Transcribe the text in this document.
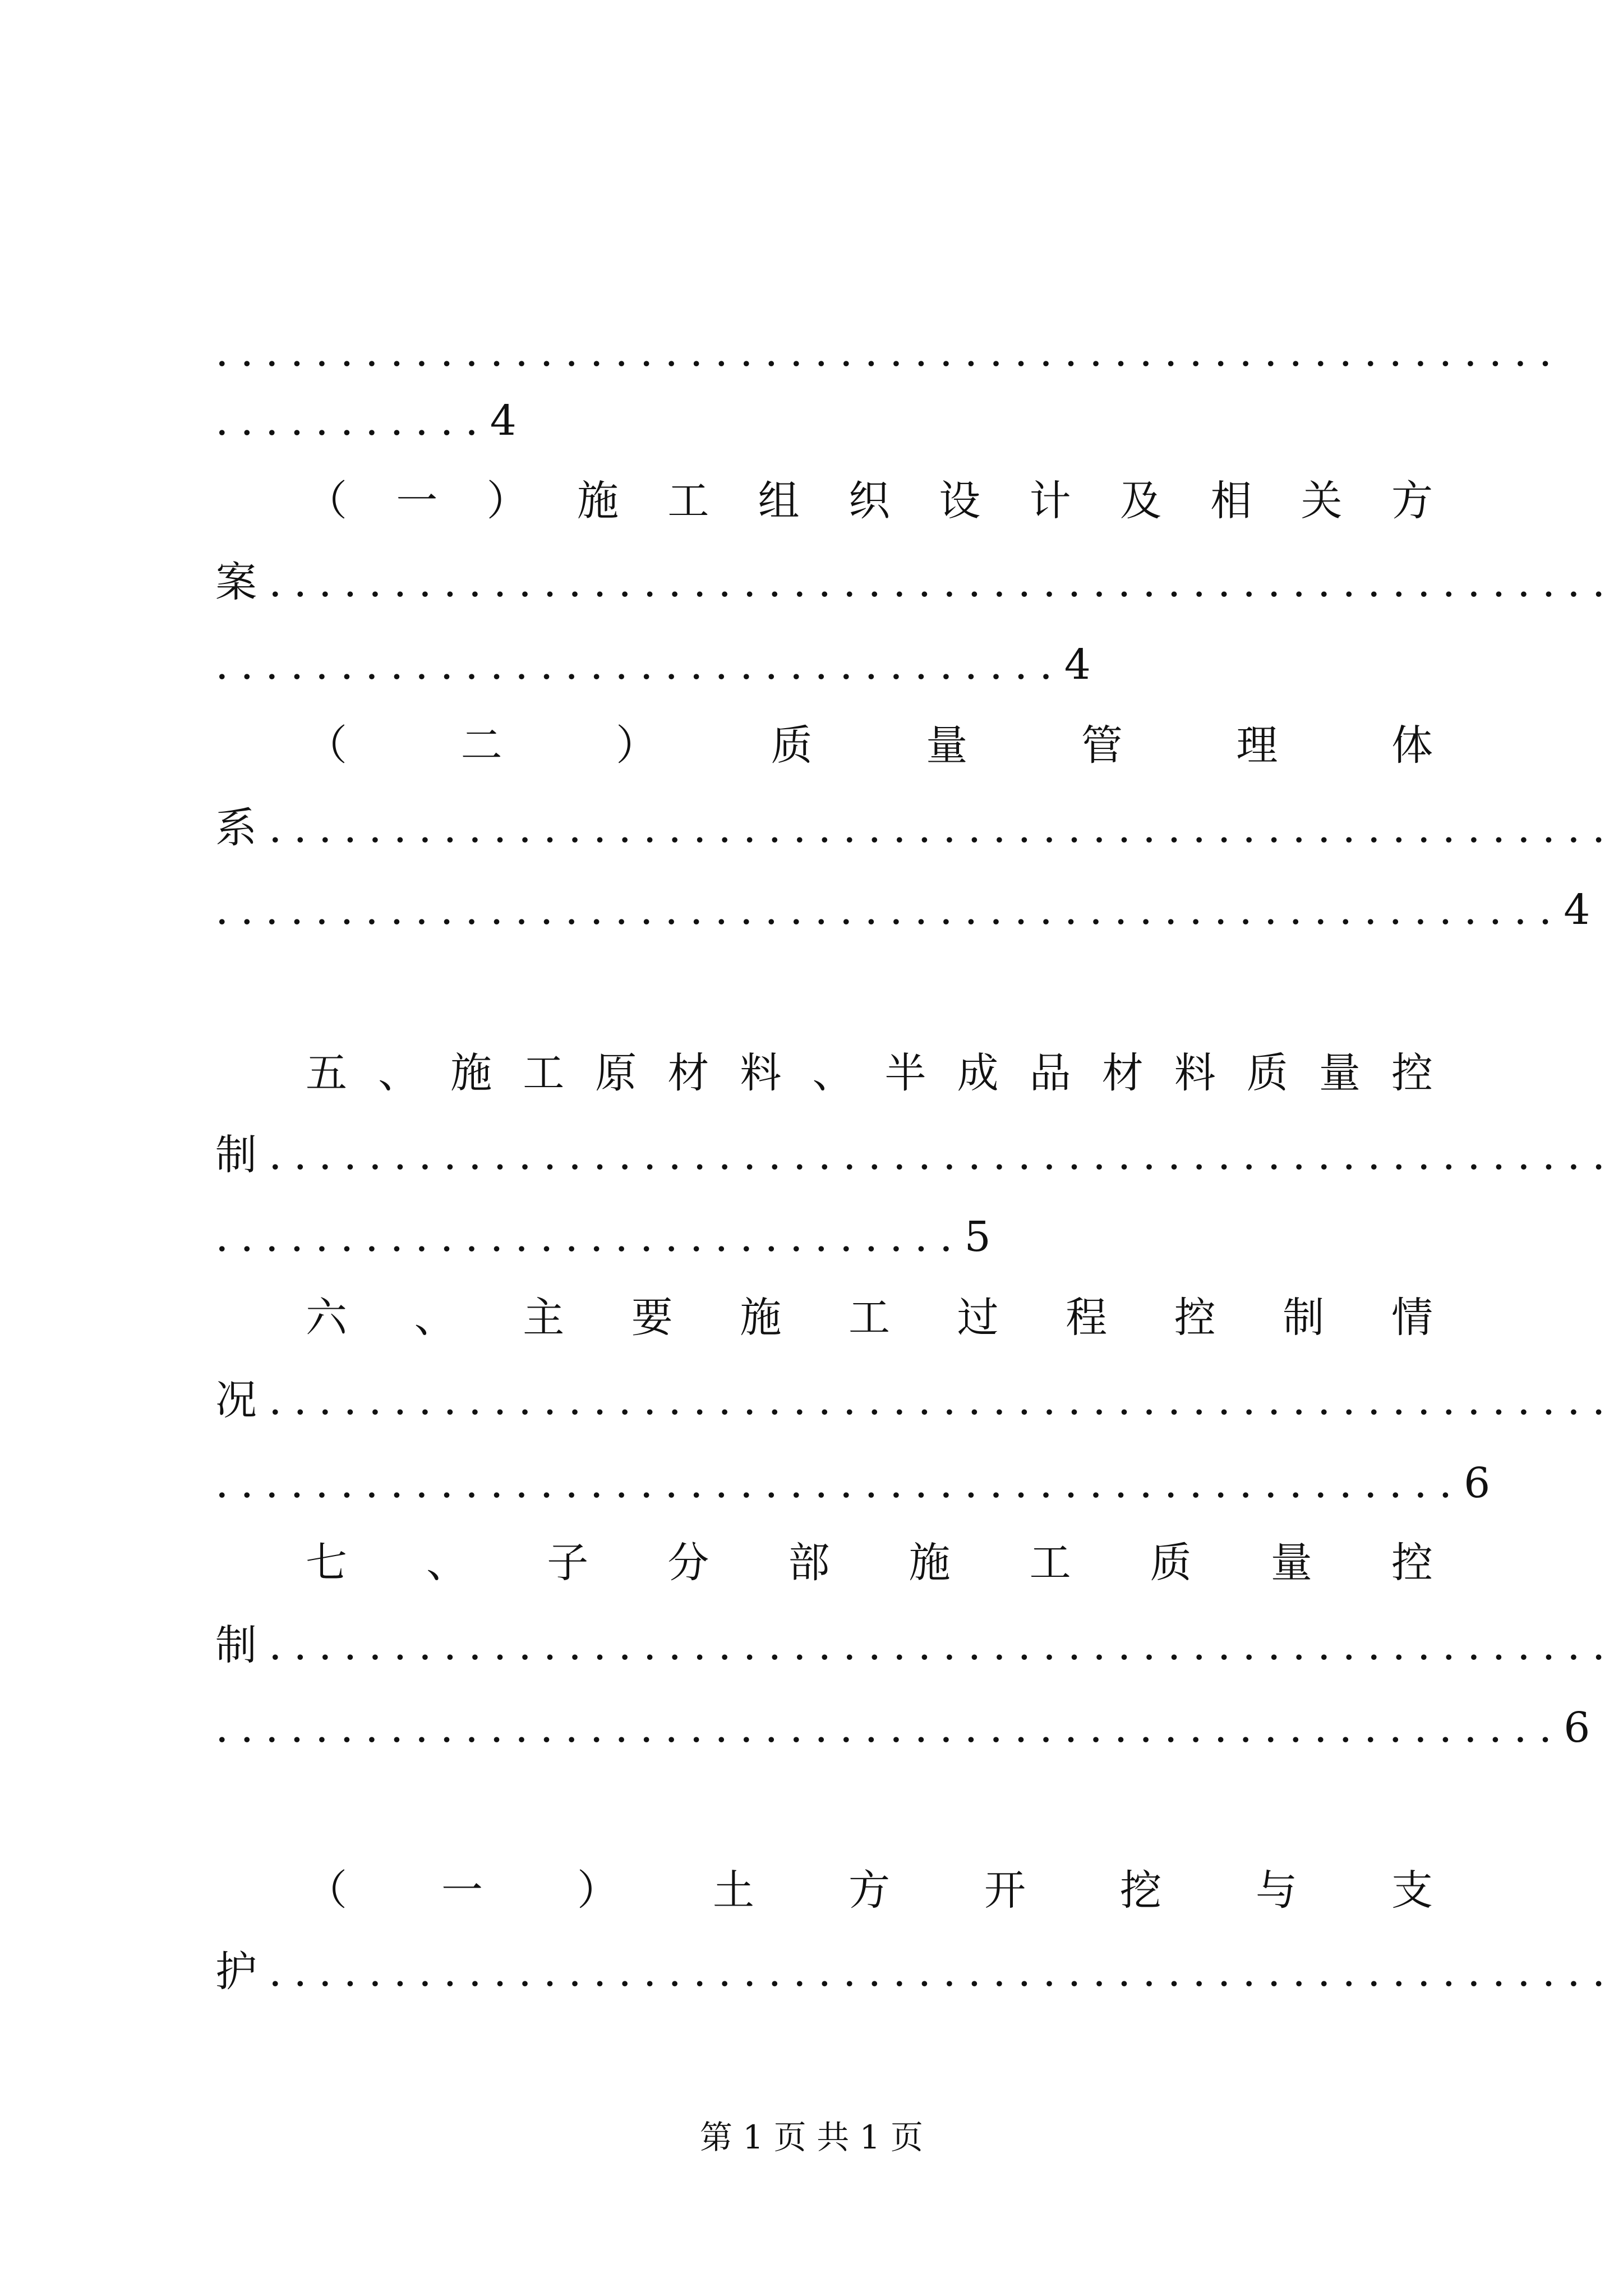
......................................................
...........4
（ 一 ） 施 工 组 织 设 计 及 相 关 方
案......................................................
..................................4
（	二	）	质	量	管	理	体
系......................................................
......................................................4
五 、 施 工 原 材 料 、 半 成 品 材 料 质 量 控
制......................................................
..............................5
六 、 主 要 施 工 过 程 控 制 情
况......................................................
..................................................6
七 、 子 分 部 施 工 质 量 控
制......................................................
......................................................6
（ 一 ） 土 方 开 挖 与 支
护......................................................
第 1 页 共 1 页
